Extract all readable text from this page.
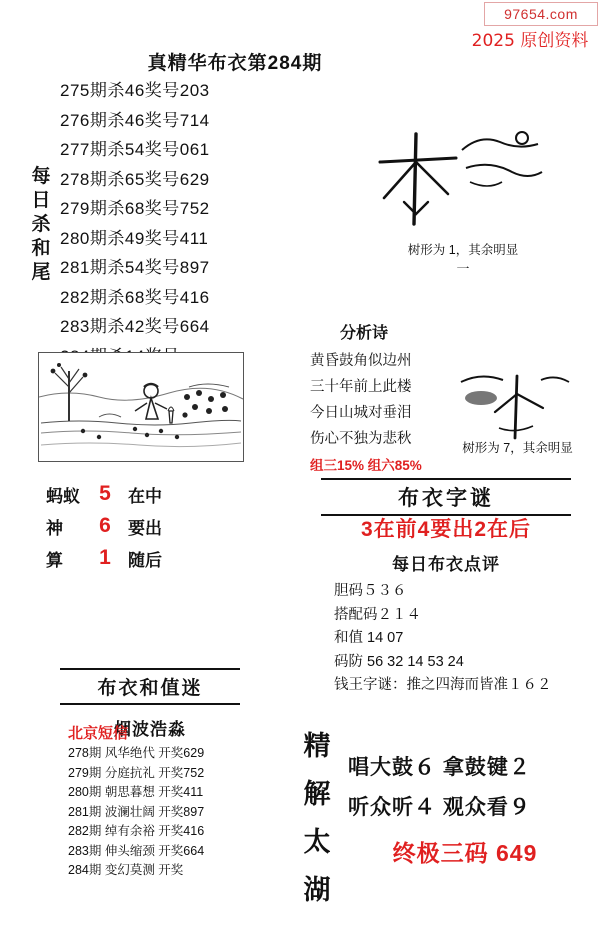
97654.com
2025 原创资料
真精华布衣第284期
每
日
杀
和
尾
275期杀46奖号203
276期杀46奖号714
277期杀54奖号061
278期杀65奖号629
279期杀68奖号752
280期杀49奖号411
281期杀54奖号897
282期杀68奖号416
283期杀42奖号664
蚂蚁 5	在中
神	6	要出
算	1	随后
布衣和值迷
烟波浩淼
北京短信
278期 风华绝代 开奖629
279期 分庭抗礼 开奖752
280期 朝思暮想 开奖411
281期 波澜壮阔 开奖897
282期 绰有余裕 开奖416
283期 伸头缩颈 开奖664
284期 变幻莫测 开奖
树形为 1，其余明显
一
分析诗
黄昏鼓角似边州
三十年前上此楼
今日山城对垂泪
伤心不独为悲秋
组三15% 组六85%
树形为 7，其余明显
布衣字谜
3在前4要出2在后
每日布衣点评
胆码５３６
搭配码２１４
和值 14 07
码防 56 32 14 53 24
钱王字谜：推之四海而皆准１６２
精
解
太
湖
唱大鼓６ 拿鼓键２
听众听４ 观众看９
终极三码 649
